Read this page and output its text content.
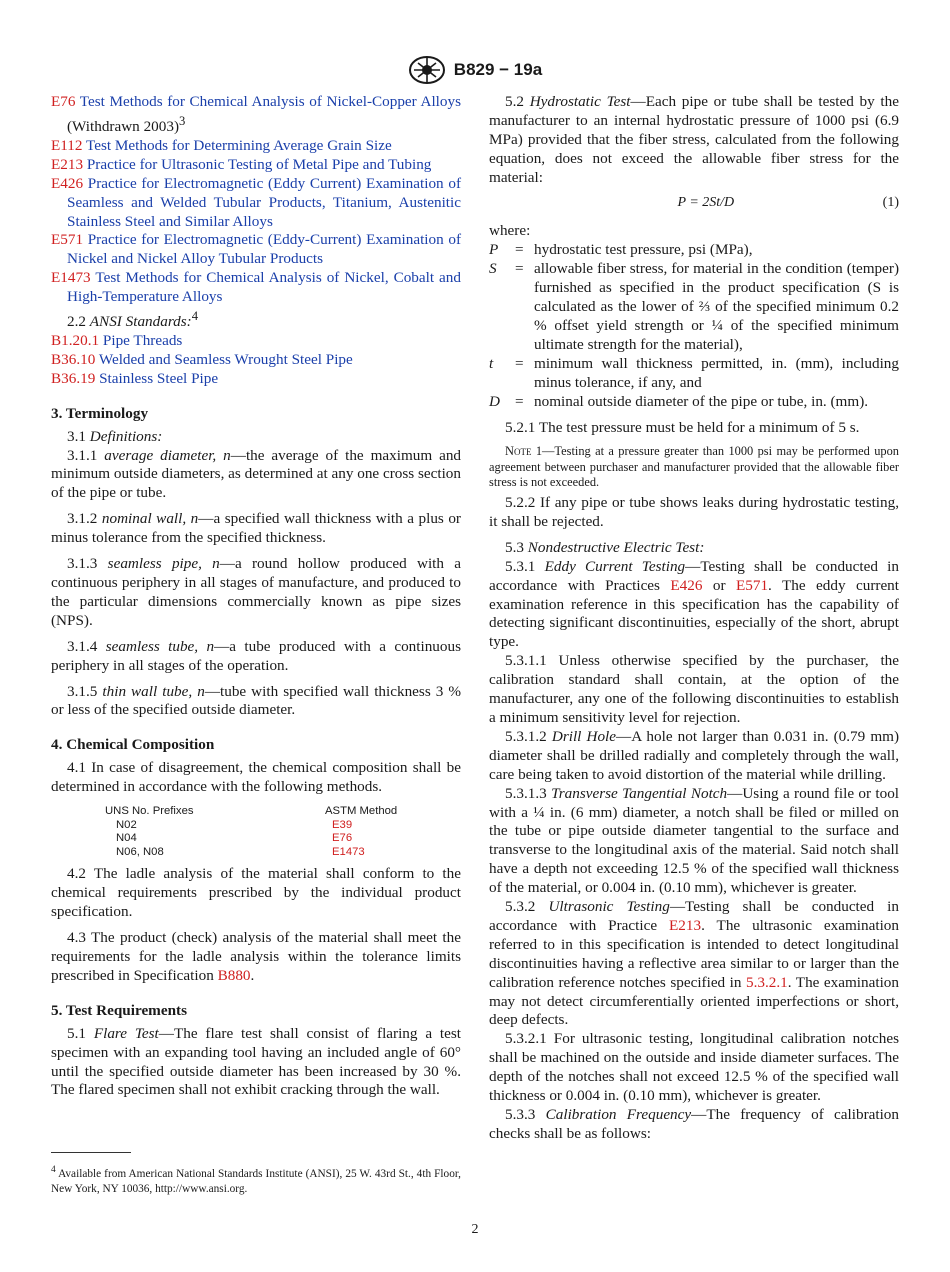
B829 − 19a

E76 Test Methods for Chemical Analysis of Nickel-Copper Alloys (Withdrawn 2003)$^3$

E112 Test Methods for Determining Average Grain Size

E213 Practice for Ultrasonic Testing of Metal Pipe and Tubing

E426 Practice for Electromagnetic (Eddy Current) Examination of Seamless and Welded Tubular Products, Titanium, Austenitic Stainless Steel and Similar Alloys

E571 Practice for Electromagnetic (Eddy-Current) Examination of Nickel and Nickel Alloy Tubular Products

E1473 Test Methods for Chemical Analysis of Nickel, Cobalt and High-Temperature Alloys

2.2 ANSI Standards:$^4$

B1.20.1 Pipe Threads

B36.10 Welded and Seamless Wrought Steel Pipe

B36.19 Stainless Steel Pipe

3. Terminology

3.1 Definitions:

3.1.1 average diameter, n—the average of the maximum and minimum outside diameters, as determined at any one cross section of the pipe or tube.

3.1.2 nominal wall, n—a specified wall thickness with a plus or minus tolerance from the specified thickness.

3.1.3 seamless pipe, n—a round hollow produced with a continuous periphery in all stages of manufacture, and produced to the particular dimensions commercially known as pipe sizes (NPS).

3.1.4 seamless tube, n—a tube produced with a continuous periphery in all stages of the operation.

3.1.5 thin wall tube, n—tube with specified wall thickness 3 % or less of the specified outside diameter.

4. Chemical Composition

4.1 In case of disagreement, the chemical composition shall be determined in accordance with the following methods.

UNS No. Prefixes	ASTM Method
N02	E39
N04	E76
N06, N08	E1473

4.2 The ladle analysis of the material shall conform to the chemical requirements prescribed by the individual product specification.

4.3 The product (check) analysis of the material shall meet the requirements for the ladle analysis within the tolerance limits prescribed in Specification B880.

5. Test Requirements

5.1 Flare Test—The flare test shall consist of flaring a test specimen with an expanding tool having an included angle of 60° until the specified outside diameter has been increased by 30 %. The flared specimen shall not exhibit cracking through the wall.

$^4$ Available from American National Standards Institute (ANSI), 25 W. 43rd St., 4th Floor, New York, NY 10036, http://www.ansi.org.

5.2 Hydrostatic Test—Each pipe or tube shall be tested by the manufacturer to an internal hydrostatic pressure of 1000 psi (6.9 MPa) provided that the fiber stress, calculated from the following equation, does not exceed the allowable fiber stress for the material:

P = 2St/D	(1)

where:

P	= hydrostatic test pressure, psi (MPa),
S	= allowable fiber stress, for material in the condition (temper) furnished as specified in the product specification (S is calculated as the lower of ⅔ of the specified minimum 0.2 % offset yield strength or ¼ of the specified minimum ultimate strength for the material),
t	= minimum wall thickness permitted, in. (mm), including minus tolerance, if any, and
D = nominal outside diameter of the pipe or tube, in. (mm).

5.2.1 The test pressure must be held for a minimum of 5 s.

Note 1—Testing at a pressure greater than 1000 psi may be performed upon agreement between purchaser and manufacturer provided that the allowable fiber stress is not exceeded.

5.2.2 If any pipe or tube shows leaks during hydrostatic testing, it shall be rejected.

5.3 Nondestructive Electric Test:

5.3.1 Eddy Current Testing—Testing shall be conducted in accordance with Practices E426 or E571. The eddy current examination reference in this specification has the capability of detecting significant discontinuities, especially of the short, abrupt type.

5.3.1.1 Unless otherwise specified by the purchaser, the calibration standard shall contain, at the option of the manufacturer, any one of the following discontinuities to establish a minimum sensitivity level for rejection.

5.3.1.2 Drill Hole—A hole not larger than 0.031 in. (0.79 mm) diameter shall be drilled radially and completely through the wall, care being taken to avoid distortion of the material while drilling.

5.3.1.3 Transverse Tangential Notch—Using a round file or tool with a ¼ in. (6 mm) diameter, a notch shall be filed or milled on the tube or pipe outside diameter tangential to the surface and transverse to the longitudinal axis of the material. Said notch shall have a depth not exceeding 12.5 % of the specified wall thickness of the material, or 0.004 in. (0.10 mm), whichever is greater.

5.3.2 Ultrasonic Testing—Testing shall be conducted in accordance with Practice E213. The ultrasonic examination referred to in this specification is intended to detect longitudinal discontinuities having a reflective area similar to or larger than the calibration reference notches specified in 5.3.2.1. The examination may not detect circumferentially oriented imperfections or short, deep defects.

5.3.2.1 For ultrasonic testing, longitudinal calibration notches shall be machined on the outside and inside diameter surfaces. The depth of the notches shall not exceed 12.5 % of the specified wall thickness or 0.004 in. (0.10 mm), whichever is greater.

5.3.3 Calibration Frequency—The frequency of calibration checks shall be as follows:

2
